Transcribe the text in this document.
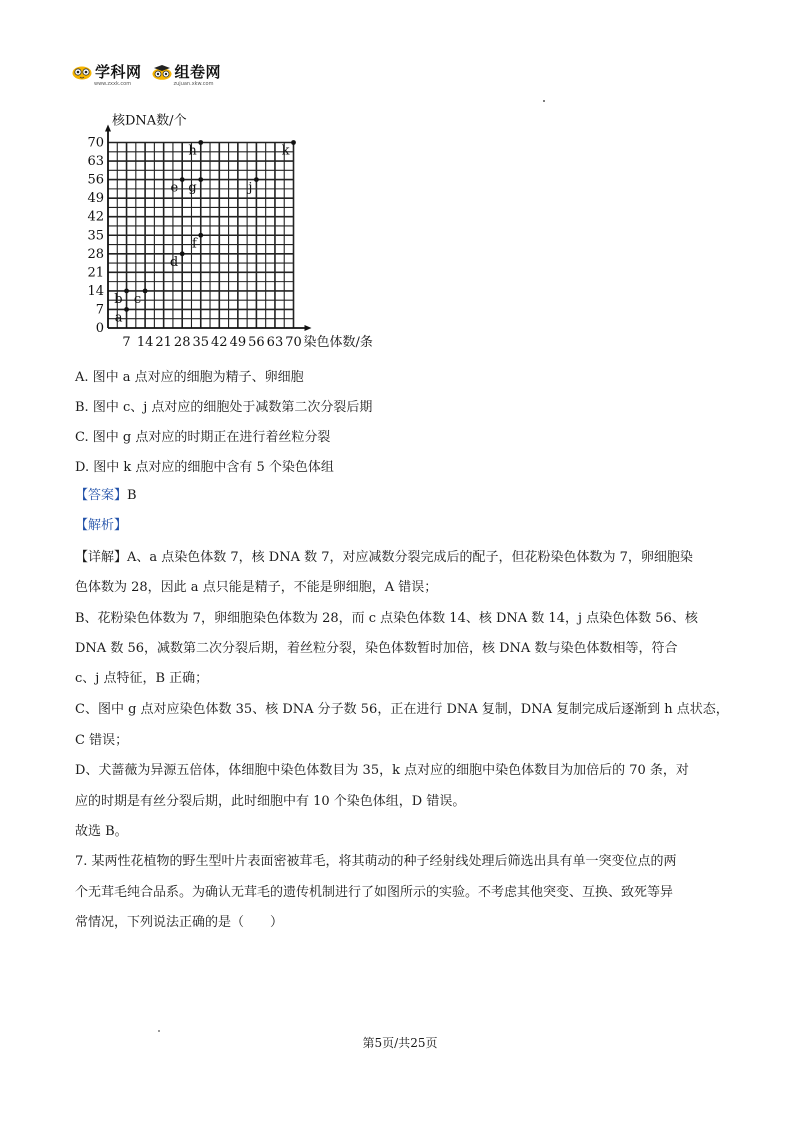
学科网
www.zxxk.com
组卷网
zujuan.xkw.com
0
7
14
21
28
35
42
49
56
63
70
7 14 21 28 35 42 49 56 63 70
核DNA数/个
染色体数/条
a
b c
d
e
f
g
h
j
k
A. 图中 a 点对应的细胞为精子、卵细胞
B. 图中 c、j 点对应的细胞处于减数第二次分裂后期
C. 图中 g 点对应的时期正在进行着丝粒分裂
D. 图中 k 点对应的细胞中含有 5 个染色体组
【答案】B
【解析】
【详解】A、a 点染色体数 7，核 DNA 数 7，对应减数分裂完成后的配子，但花粉染色体数为 7，卵细胞染
色体数为 28，因此 a 点只能是精子，不能是卵细胞，A 错误；
B、花粉染色体数为 7，卵细胞染色体数为 28，而 c 点染色体数 14、核 DNA 数 14，j 点染色体数 56、核
DNA 数 56，减数第二次分裂后期，着丝粒分裂，染色体数暂时加倍，核 DNA 数与染色体数相等，符合
c、j 点特征，B 正确；
C、图中 g 点对应染色体数 35、核 DNA 分子数 56，正在进行 DNA 复制，DNA 复制完成后逐渐到 h 点状态，
C 错误；
D、犬蔷薇为异源五倍体，体细胞中染色体数目为 35，k 点对应的细胞中染色体数目为加倍后的 70 条，对
应的时期是有丝分裂后期，此时细胞中有 10 个染色体组，D 错误。
故选 B。
7. 某两性花植物的野生型叶片表面密被茸毛，将其萌动的种子经射线处理后筛选出具有单一突变位点的两
个无茸毛纯合品系。为确认无茸毛的遗传机制进行了如图所示的实验。不考虑其他突变、互换、致死等异
常情况，下列说法正确的是（　　）
第5页/共25页
